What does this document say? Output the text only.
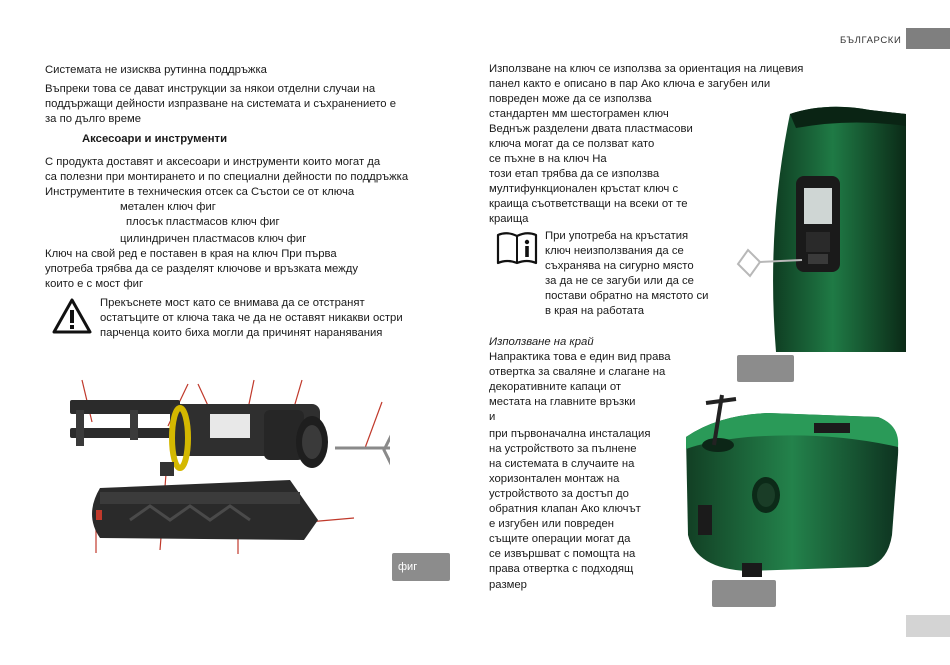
БЪЛГАРСКИ
Системата не изисква рутинна поддръжка
Въпреки това се дават инструкции за някои отделни случаи на
поддържащи дейности изпразване на системата и съхранението е
за по дълго време
Аксесоари и инструменти
С продукта доставят и аксесоари и инструменти които могат да
са полезни при монтирането и по специални дейности по поддръжка
Инструментите в техническия отсек са Състои се от ключа
метален ключ фиг
плосък пластмасов ключ фиг
цилиндричен пластмасов ключ фиг
Ключ на свой ред е поставен в края на ключ При първа
употреба трябва да се разделят ключове и връзката между
които е с мост фиг
Прекъснете мост като се внимава да се отстранят
остатъците от ключа така че да не оставят никакви остри
парченца които биха могли да причинят наранявания
фиг
Използване на ключ се използва за ориентация на лицевия
панел както е описано в пар Ако ключа е загубен или
повреден може да се използва
стандартен мм шестограмен ключ
Веднъж разделени двата пластмасови
ключа могат да се ползват като
се пъхне в на ключ На
този етап трябва да се използва
мултифункционален кръстат ключ с
краища съответстващи на всеки от те
краища
При употреба на кръстатия
ключ неизползвания да се
съхранява на сигурно място
за да не се загуби или да се
постави обратно на мястото си
в края на работата
Използване на край
Напрактика това е един вид права
отвертка за сваляне и слагане на
декоративните капаци от
местата на главните връзки
и
при първоначална инсталация
на устройството за пълнене
на системата в случаите на
хоризонтален монтаж на
устройството за достъп до
обратния клапан Ако ключът
е изгубен или повреден
същите операции могат да
се извършват с помощта на
права отвертка с подходящ
размер
